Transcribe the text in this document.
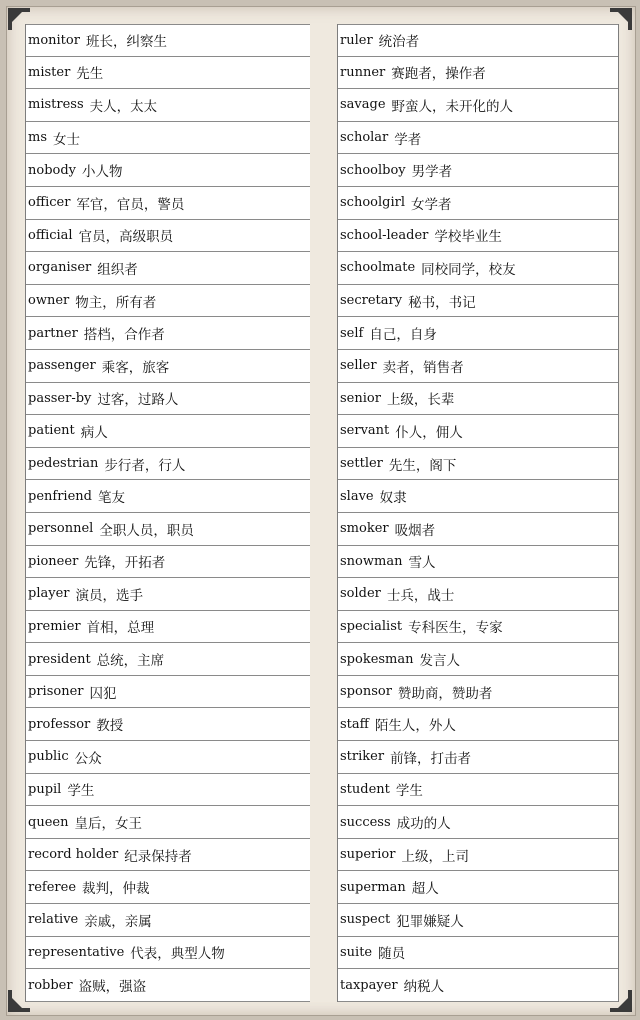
monitor 班长，纠察生
mister 先生
mistress 夫人，太太
ms 女士
nobody 小人物
officer 军官，官员，警员
official 官员，高级职员
organiser 组织者
owner 物主，所有者
partner 搭档，合作者
passenger 乘客，旅客
passer-by 过客，过路人
patient 病人
pedestrian 步行者，行人
penfriend 笔友
personnel 全职人员，职员
pioneer 先锋，开拓者
player 演员，选手
premier 首相，总理
president 总统，主席
prisoner 囚犯
professor 教授
public 公众
pupil 学生
queen 皇后，女王
record holder 纪录保持者
referee 裁判，仲裁
relative 亲戚，亲属
representative 代表，典型人物
robber 盗贼，强盗
ruler 统治者
runner 赛跑者，操作者
savage 野蛮人，未开化的人
scholar 学者
schoolboy 男学者
schoolgirl 女学者
school-leader 学校毕业生
schoolmate 同校同学，校友
secretary 秘书，书记
self 自己，自身
seller 卖者，销售者
senior 上级，长辈
servant 仆人，佣人
settler 先生，阁下
slave 奴隶
smoker 吸烟者
snowman 雪人
solder 士兵，战士
specialist 专科医生，专家
spokesman 发言人
sponsor 赞助商，赞助者
staff 陌生人，外人
striker 前锋，打击者
student 学生
success 成功的人
superior 上级，上司
superman 超人
suspect 犯罪嫌疑人
suite 随员
taxpayer 纳税人
